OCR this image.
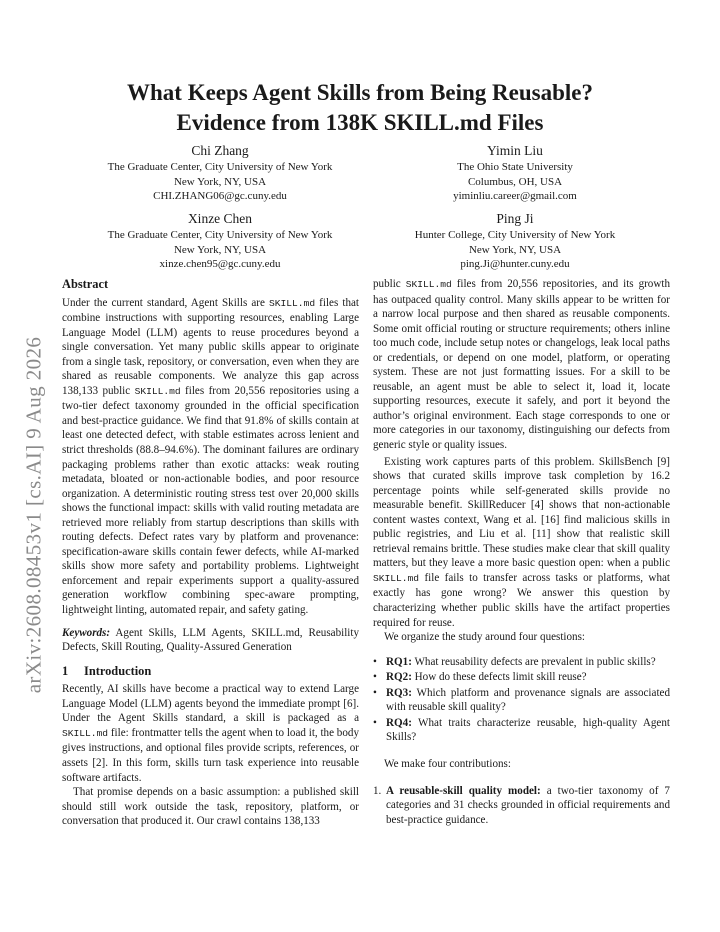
arXiv:2608.08453v1 [cs.AI] 9 Aug 2026
What Keeps Agent Skills from Being Reusable?
Evidence from 138K SKILL.md Files
Chi Zhang
The Graduate Center, City University of New York
New York, NY, USA
CHI.ZHANG06@gc.cuny.edu
Yimin Liu
The Ohio State University
Columbus, OH, USA
yiminliu.career@gmail.com
Xinze Chen
The Graduate Center, City University of New York
New York, NY, USA
xinze.chen95@gc.cuny.edu
Ping Ji
Hunter College, City University of New York
New York, NY, USA
ping.Ji@hunter.cuny.edu
Abstract

Under the current standard, Agent Skills are SKILL.md files that combine instructions with supporting resources, enabling Large Language Model (LLM) agents to reuse procedures beyond a single conversation. Yet many public skills appear to originate from a single task, repository, or conversation, even when they are shared as reusable components. We analyze this gap across 138,133 public SKILL.md files from 20,556 repositories using a two-tier defect taxonomy grounded in the official specification and best-practice guidance. We find that 91.8% of skills contain at least one detected defect, with stable estimates across lenient and strict thresholds (88.8–94.6%). The dominant failures are ordinary packaging problems rather than exotic attacks: weak routing metadata, bloated or non-actionable bodies, and poor resource organization. A deterministic routing stress test over 20,000 skills shows the functional impact: skills with valid routing metadata are retrieved more reliably from startup descriptions than skills with routing defects. Defect rates vary by platform and provenance: specification-aware skills contain fewer defects, while AI-marked skills show more safety and portability problems. Lightweight enforcement and repair experiments support a quality-assured generation workflow combining spec-aware prompting, lightweight linting, automated repair, and safety gating.

Keywords: Agent Skills, LLM Agents, SKILL.md, Reusability Defects, Skill Routing, Quality-Assured Generation

1 Introduction

Recently, AI skills have become a practical way to extend Large Language Model (LLM) agents beyond the immediate prompt [6]. Under the Agent Skills standard, a skill is packaged as a SKILL.md file: frontmatter tells the agent when to load it, the body gives instructions, and optional files provide scripts, references, or assets [2]. In this form, skills turn task experience into reusable software artifacts.

That promise depends on a basic assumption: a published skill should still work outside the task, repository, platform, or conversation that produced it. Our crawl contains 138,133

public SKILL.md files from 20,556 repositories, and its growth has outpaced quality control. Many skills appear to be written for a narrow local purpose and then shared as reusable components. Some omit official routing or structure requirements; others inline too much code, include setup notes or changelogs, leak local paths or credentials, or depend on one model, platform, or operating system. These are not just formatting issues. For a skill to be reusable, an agent must be able to select it, load it, locate supporting resources, execute it safely, and port it beyond the author’s original environment. Each stage corresponds to one or more categories in our taxonomy, distinguishing our defects from generic style or quality issues.

Existing work captures parts of this problem. SkillsBench [9] shows that curated skills improve task completion by 16.2 percentage points while self-generated skills provide no measurable benefit. SkillReducer [4] shows that non-actionable content wastes context, Wang et al. [16] find malicious skills in public registries, and Liu et al. [11] show that realistic skill retrieval remains brittle. These studies make clear that skill quality matters, but they leave a more basic question open: when a public SKILL.md file fails to transfer across tasks or platforms, what exactly has gone wrong? We answer this question by characterizing whether public skills have the artifact properties required for reuse.

We organize the study around four questions:

• RQ1: What reusability defects are prevalent in public skills?
• RQ2: How do these defects limit skill reuse?
• RQ3: Which platform and provenance signals are associated with reusable skill quality?
• RQ4: What traits characterize reusable, high-quality Agent Skills?

We make four contributions:

1. A reusable-skill quality model: a two-tier taxonomy of 7 categories and 31 checks grounded in official requirements and best-practice guidance.
